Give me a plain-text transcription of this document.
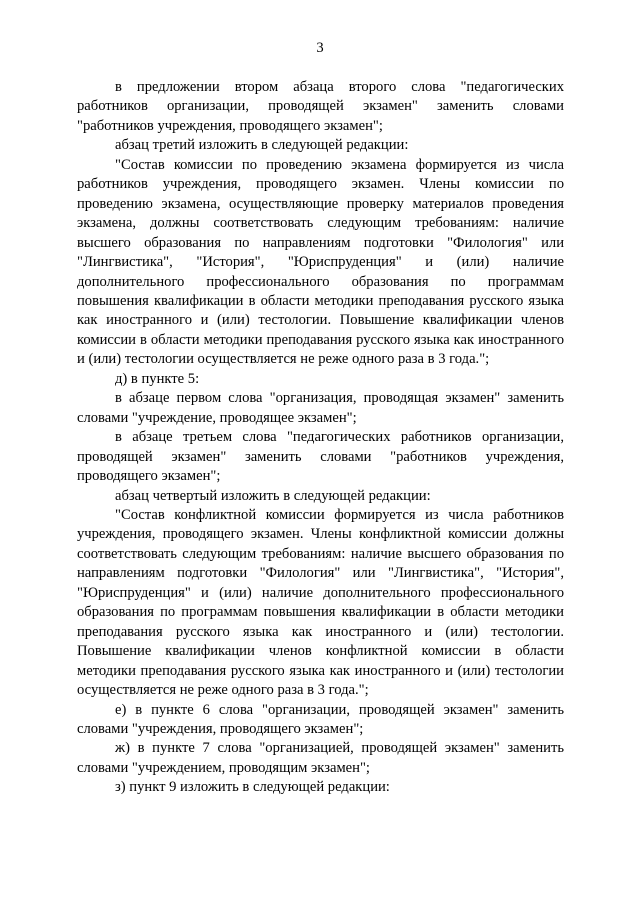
3

в предложении втором абзаца второго слова "педагогических работников организации, проводящей экзамен" заменить словами "работников учреждения, проводящего экзамен";

абзац третий изложить в следующей редакции:

"Состав комиссии по проведению экзамена формируется из числа работников учреждения, проводящего экзамен. Члены комиссии по проведению экзамена, осуществляющие проверку материалов проведения экзамена, должны соответствовать следующим требованиям: наличие высшего образования по направлениям подготовки "Филология" или "Лингвистика", "История", "Юриспруденция" и (или) наличие дополнительного профессионального образования по программам повышения квалификации в области методики преподавания русского языка как иностранного и (или) тестологии. Повышение квалификации членов комиссии в области методики преподавания русского языка как иностранного и (или) тестологии осуществляется не реже одного раза в 3 года.";

д) в пункте 5:

в абзаце первом слова "организация, проводящая экзамен" заменить словами "учреждение, проводящее экзамен";

в абзаце третьем слова "педагогических работников организации, проводящей экзамен" заменить словами "работников учреждения, проводящего экзамен";

абзац четвертый изложить в следующей редакции:

"Состав конфликтной комиссии формируется из числа работников учреждения, проводящего экзамен. Члены конфликтной комиссии должны соответствовать следующим требованиям: наличие высшего образования по направлениям подготовки "Филология" или "Лингвистика", "История", "Юриспруденция" и (или) наличие дополнительного профессионального образования по программам повышения квалификации в области методики преподавания русского языка как иностранного и (или) тестологии. Повышение квалификации членов конфликтной комиссии в области методики преподавания русского языка как иностранного и (или) тестологии осуществляется не реже одного раза в 3 года.";

е) в пункте 6 слова "организации, проводящей экзамен" заменить словами "учреждения, проводящего экзамен";

ж) в пункте 7 слова "организацией, проводящей экзамен" заменить словами "учреждением, проводящим экзамен";

з) пункт 9 изложить в следующей редакции:
